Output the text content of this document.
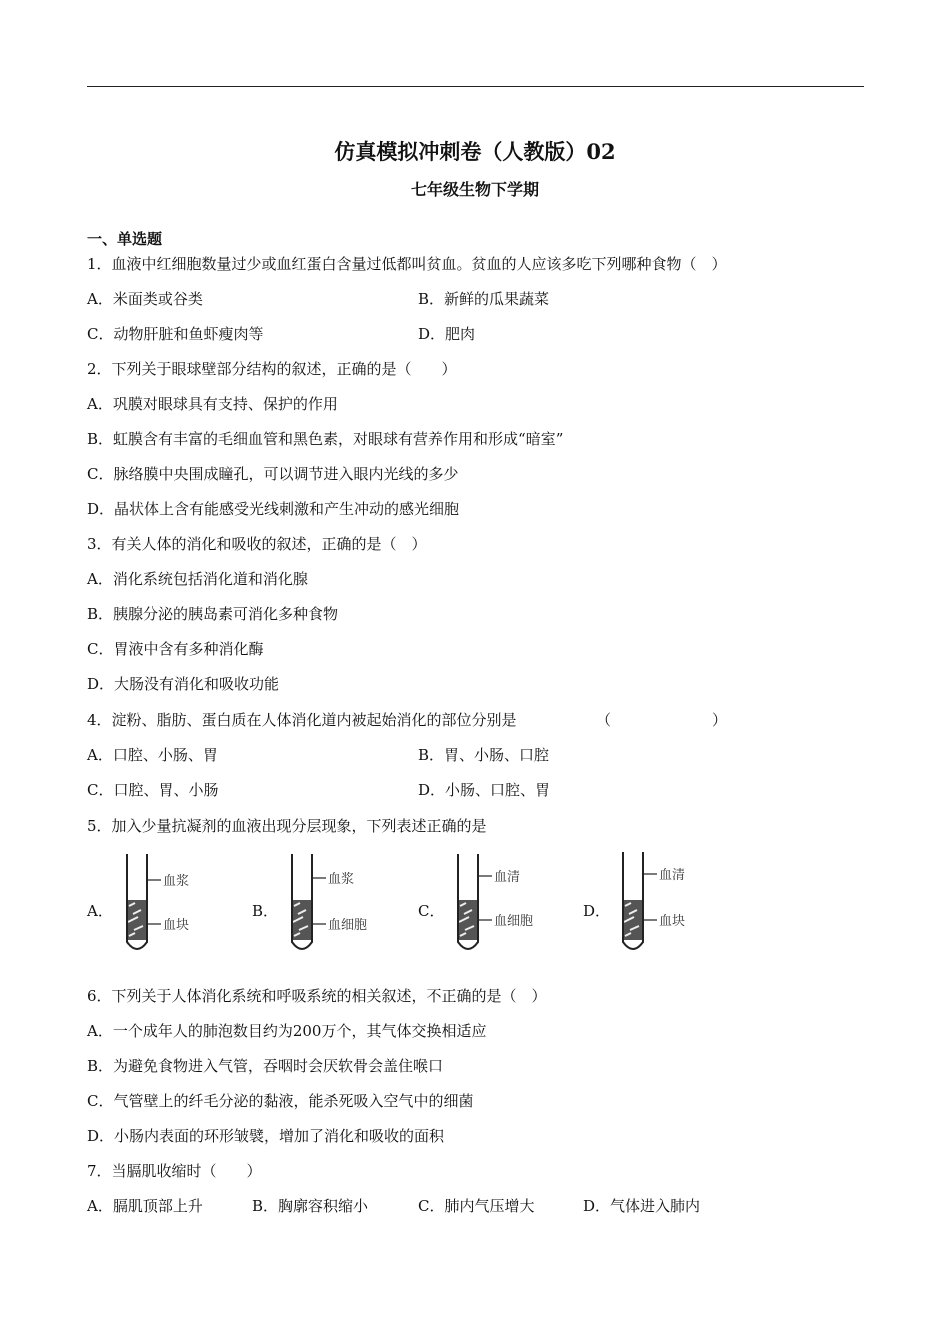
仿真模拟冲刺卷（人教版）02
七年级生物下学期
一、单选题
1．血液中红细胞数量过少或血红蛋白含量过低都叫贫血。贫血的人应该多吃下列哪种食物（　）
A．米面类或谷类	B．新鲜的瓜果蔬菜
C．动物肝脏和鱼虾瘦肉等	D．肥肉
2．下列关于眼球壁部分结构的叙述，正确的是（　　）
A．巩膜对眼球具有支持、保护的作用
B．虹膜含有丰富的毛细血管和黑色素，对眼球有营养作用和形成“暗室”
C．脉络膜中央围成瞳孔，可以调节进入眼内光线的多少
D．晶状体上含有能感受光线刺激和产生冲动的感光细胞
3．有关人体的消化和吸收的叙述，正确的是（　）
A．消化系统包括消化道和消化腺
B．胰腺分泌的胰岛素可消化多种食物
C．胃液中含有多种消化酶
D．大肠没有消化和吸收功能
4．淀粉、脂肪、蛋白质在人体消化道内被起始消化的部位分别是	（	）
A．口腔、小肠、胃	B．胃、小肠、口腔
C．口腔、胃、小肠	D．小肠、口腔、胃
5．加入少量抗凝剂的血液出现分层现象，下列表述正确的是
A．
血浆
血块
B．
血浆
血细胞
C．
血清
血细胞
D．
血清
血块
6．下列关于人体消化系统和呼吸系统的相关叙述，不正确的是（　）
A．一个成年人的肺泡数目约为200万个，其气体交换相适应
B．为避免食物进入气管，吞咽时会厌软骨会盖住喉口
C．气管壁上的纤毛分泌的黏液，能杀死吸入空气中的细菌
D．小肠内表面的环形皱襞，增加了消化和吸收的面积
7．当膈肌收缩时（　　）
A．膈肌顶部上升	B．胸廓容积缩小	C．肺内气压增大	D．气体进入肺内
